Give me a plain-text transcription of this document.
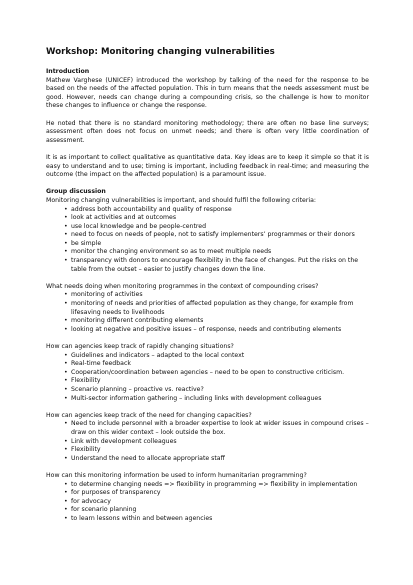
Workshop: Monitoring changing vulnerabilities

Introduction

Mathew Varghese (UNICEF) introduced the workshop by talking of the need for the response to be based on the needs of the affected population. This in turn means that the needs assessment must be good. However, needs can change during a compounding crisis, so the challenge is how to monitor these changes to influence or change the response.

He noted that there is no standard monitoring methodology; there are often no base line surveys; assessment often does not focus on unmet needs; and there is often very little coordination of assessment.

It is as important to collect qualitative as quantitative data. Key ideas are to keep it simple so that it is easy to understand and to use; timing is important, including feedback in real-time; and measuring the outcome (the impact on the affected population) is a paramount issue.

Group discussion

Monitoring changing vulnerabilities is important, and should fulfil the following criteria:

• address both accountability and quality of response
• look at activities and at outcomes
• use local knowledge and be people-centred
• need to focus on needs of people, not to satisfy implementers’ programmes or their donors
• be simple
• monitor the changing environment so as to meet multiple needs
• transparency with donors to encourage flexibility in the face of changes. Put the risks on the table from the outset – easier to justify changes down the line.

What needs doing when monitoring programmes in the context of compounding crises?

• monitoring of activities
• monitoring of needs and priorities of affected population as they change, for example from lifesaving needs to livelihoods
• monitoring different contributing elements
• looking at negative and positive issues – of response, needs and contributing elements

How can agencies keep track of rapidly changing situations?

• Guidelines and indicators – adapted to the local context
• Real-time feedback
• Cooperation/coordination between agencies – need to be open to constructive criticism.
• Flexibility
• Scenario planning – proactive vs. reactive?
• Multi-sector information gathering – including links with development colleagues

How can agencies keep track of the need for changing capacities?

• Need to include personnel with a broader expertise to look at wider issues in compound crises – draw on this wider context – look outside the box.
• Link with development colleagues
• Flexibility
• Understand the need to allocate appropriate staff

How can this monitoring information be used to inform humanitarian programming?

• to determine changing needs => flexibility in programming => flexibility in implementation
• for purposes of transparency
• for advocacy
• for scenario planning
• to learn lessons within and between agencies
